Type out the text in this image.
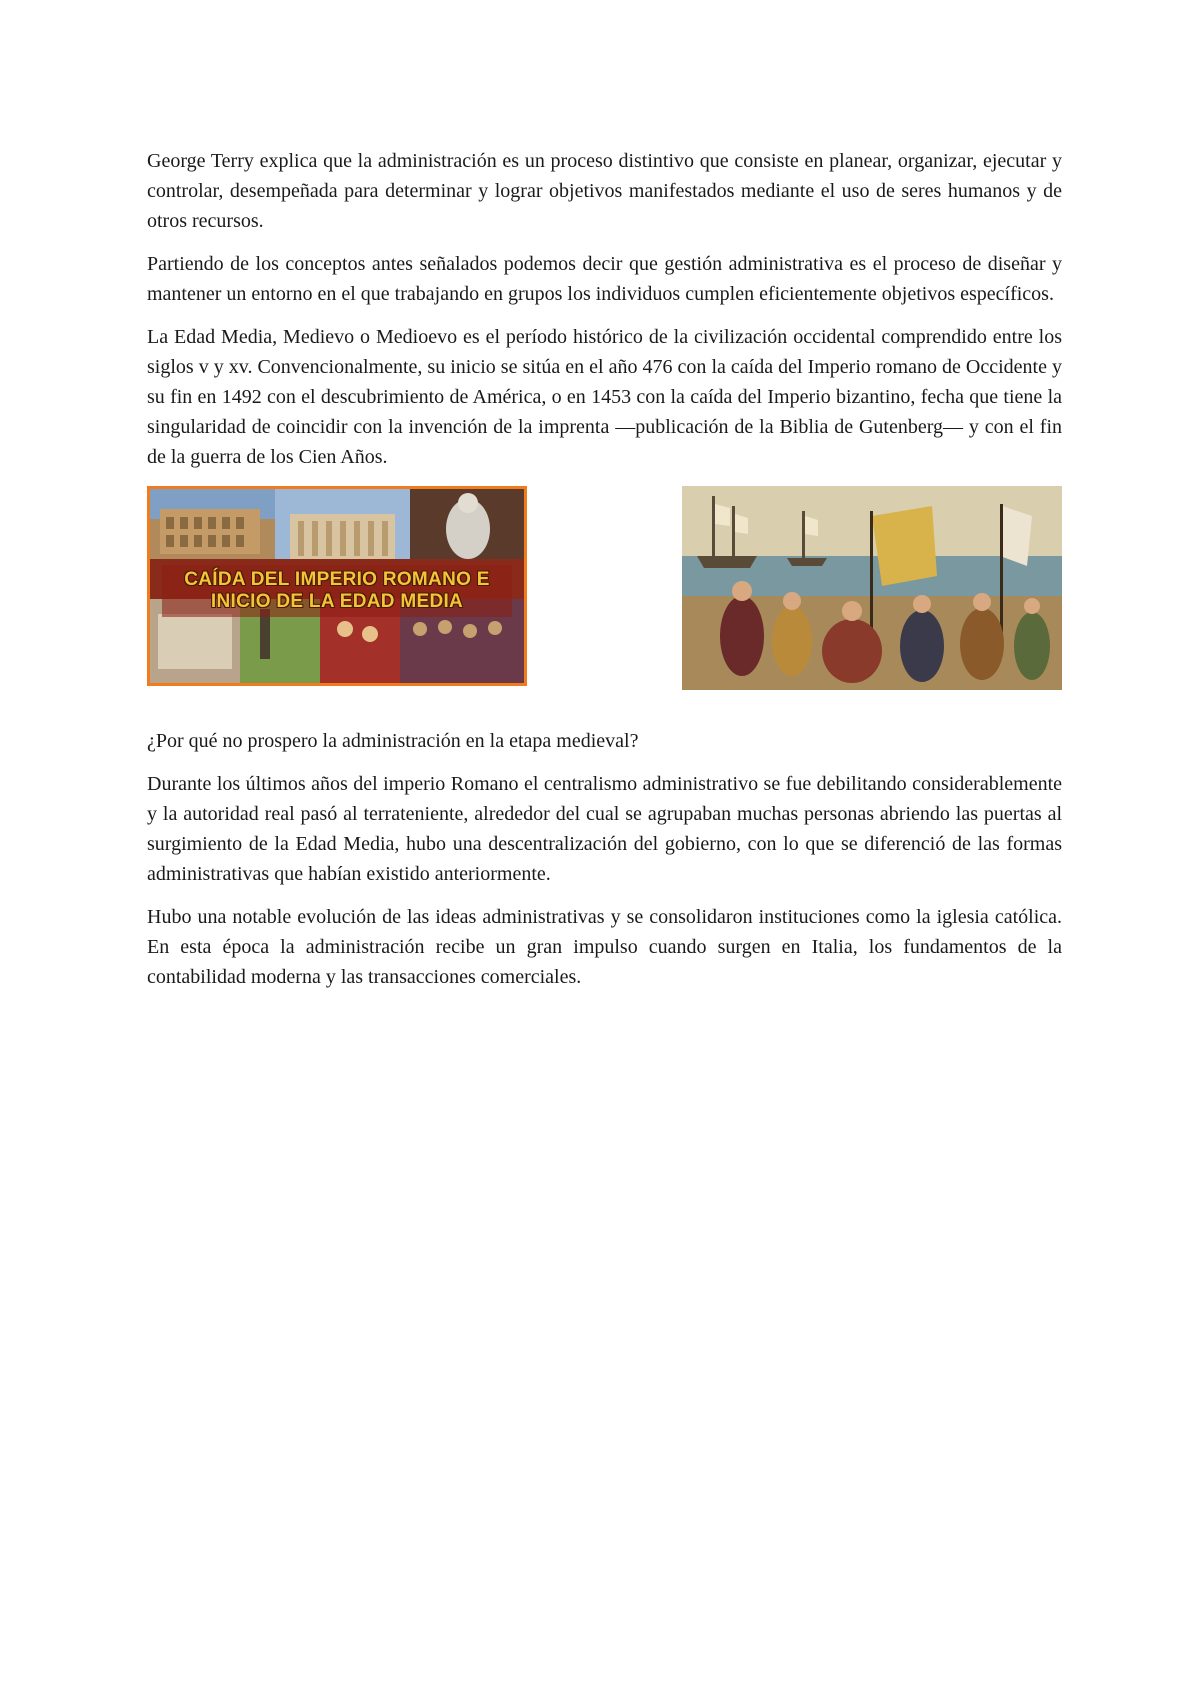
George Terry explica que la administración es un proceso distintivo que consiste en planear, organizar, ejecutar y controlar, desempeñada para determinar y lograr objetivos manifestados mediante el uso de seres humanos y de otros recursos.

Partiendo de los conceptos antes señalados podemos decir que gestión administrativa es el proceso de diseñar y mantener un entorno en el que trabajando en grupos los individuos cumplen eficientemente objetivos específicos.

La Edad Media, Medievo o Medioevo es el período histórico de la civilización occidental comprendido entre los siglos v y xv. Convencionalmente, su inicio se sitúa en el año 476 con la caída del Imperio romano de Occidente y su fin en 1492 con el descubrimiento de América, o en 1453 con la caída del Imperio bizantino, fecha que tiene la singularidad de coincidir con la invención de la imprenta —publicación de la Biblia de Gutenberg— y con el fin de la guerra de los Cien Años.

CAÍDA DEL IMPERIO ROMANO E
INICIO DE LA EDAD MEDIA

¿Por qué no prospero la administración en la etapa medieval?

Durante los últimos años del imperio Romano el centralismo administrativo se fue debilitando considerablemente y la autoridad real pasó al terrateniente, alrededor del cual se agrupaban muchas personas abriendo las puertas al surgimiento de la Edad Media, hubo una descentralización del gobierno, con lo que se diferenció de las formas administrativas que habían existido anteriormente.

Hubo una notable evolución de las ideas administrativas y se consolidaron instituciones como la iglesia católica. En esta época la administración recibe un gran impulso cuando surgen en Italia, los fundamentos de la contabilidad moderna y las transacciones comerciales.
